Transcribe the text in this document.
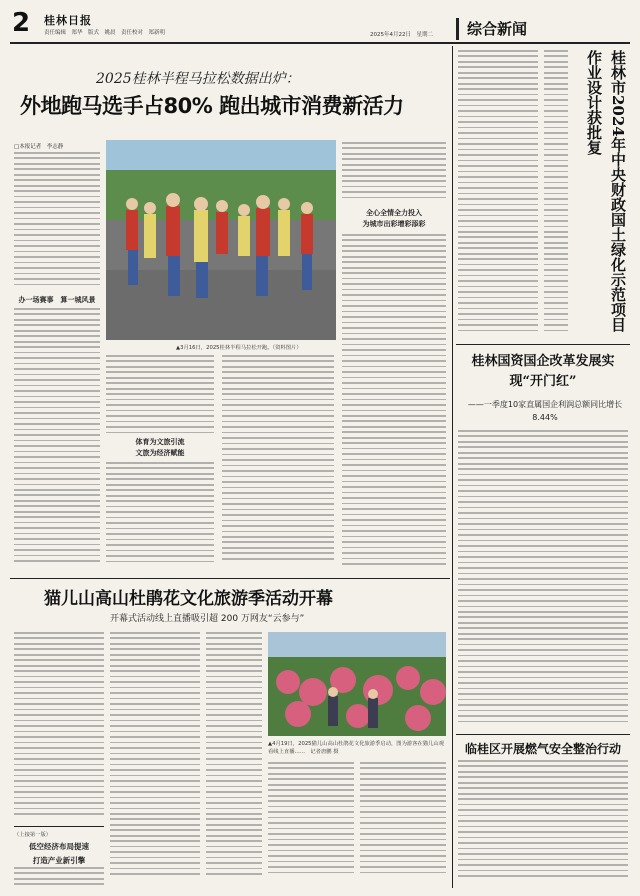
2 桂林日报
责任编辑　郑华　版式　姚晨　责任校对　郑新明	2025年4月22日　星期二	综合新闻
2025桂林半程马拉松数据出炉：
外地跑马选手占80% 跑出城市消费新活力
□本报记者　李志静
办一场赛事　算一城风景
▲3月16日，2025桂林半程马拉松开跑。（资料图片）
体育为文旅引流
文旅为经济赋能
全心全情全力投入
为城市出彩增彩添彩
猫儿山高山杜鹃花文化旅游季活动开幕
开幕式活动线上直播吸引超 200 万网友“云参与”
▲4月19日，2025猫儿山高山杜鹃花文化旅游季启动，图为游客在猫儿山观看线上直播……　记者唐鹏 摄
（上接第一版）
低空经济布局提速
打造产业新引擎
桂林市2024年中央财政国土绿化示范项目作业设计获批复
桂林国资国企改革发展实现“开门红”
——一季度10家直属国企利润总额同比增长8.44%
临桂区开展燃气安全整治行动
